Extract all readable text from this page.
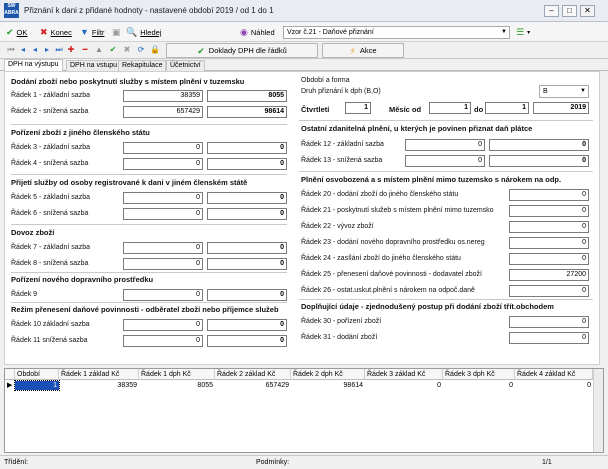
SW
ABRA Přiznání k dani z přidané hodnoty - nastavené období 2019 / od 1 do 1	–	□	✕
✔ OK ✖ Konec ▼ Filtr ▣ 🔍 Hledej	◉ Náhled	Vzor č.21 - Daňové přiznání	▼ ☰ ▾
⏮ ◂ ◂ ▸ ⏭ ✚	━ ▲ ✔ ✖ ⟳ 🔒	✔ Doklady DPH dle řádků	⚡ Akce
DPH na výstupu	DPH na vstupu Rekapitulace	Účetnictví
Dodání zboží nebo poskytnutí služby s místem plnění v tuzemsku
Řádek 1 - základní sazba	38359	8055
Řádek 2 - snížená sazba	657429	98614
Pořízení zboží z jiného členského státu
Řádek 3 - základní sazba	0	0
Řádek 4 - snížená sazba	0	0
Přijetí služby od osoby registrované k dani v jiném členském státě
Řádek 5 - základní sazba	0	0
Řádek 6 - snížená sazba	0	0
Dovoz zboží
Řádek 7 - základní sazba	0	0
Řádek 8 - snížená sazba	0	0
Pořízení nového dopravního prostředku
Řádek 9	0	0
Režim přenesení daňové povinnosti - odběratel zboží nebo příjemce služeb
Řádek 10 základní sazba	0	0
Řádek 11 snížená sazba	0	0
Období a forma
Druh přiznání k dph (B,O)	B	▼
Čtvrtletí	1	Měsíc od	1 do	1	2019
Ostatní zdanitelná plnění, u kterých je povinen přiznat daň plátce
Řádek 12 - základní sazba	0	0
Řádek 13 - snížená sazba	0	0
Plnění osvobozená a s místem plnění mimo tuzemsko s nárokem na odp.
Řádek 20 - dodání zboží do jiného členského státu	0
Řádek 21 - poskytnutí služeb s místem plnění mimo tuzemsko	0
Řádek 22 - vývoz zboží	0
Řádek 23 - dodání nového dopravního prostředku os.nereg	0
Řádek 24 - zasílání zboží do jiného členského státu	0
Řádek 25 - přenesení daňové povinnosti - dodavatel zboží	27200
Řádek 26 - ostat.uskut.plnění s nárokem na odpoč.daně	0
Doplňující údaje - zjednodušený postup při dodání zboží třít.obchodem
Řádek 30 - pořízení zboží	0
Řádek 31 - dodání zboží	0
Období	Řádek 1 základ Kč	Řádek 1 dph Kč	Řádek 2 základ Kč	Řádek 2 dph Kč	Řádek 3 základ Kč	Řádek 3 dph Kč	Řádek 4 základ Kč
▶	1	38359	8055	657429	98614	0	0	0
Třídění:	Podmínky:	1/1
